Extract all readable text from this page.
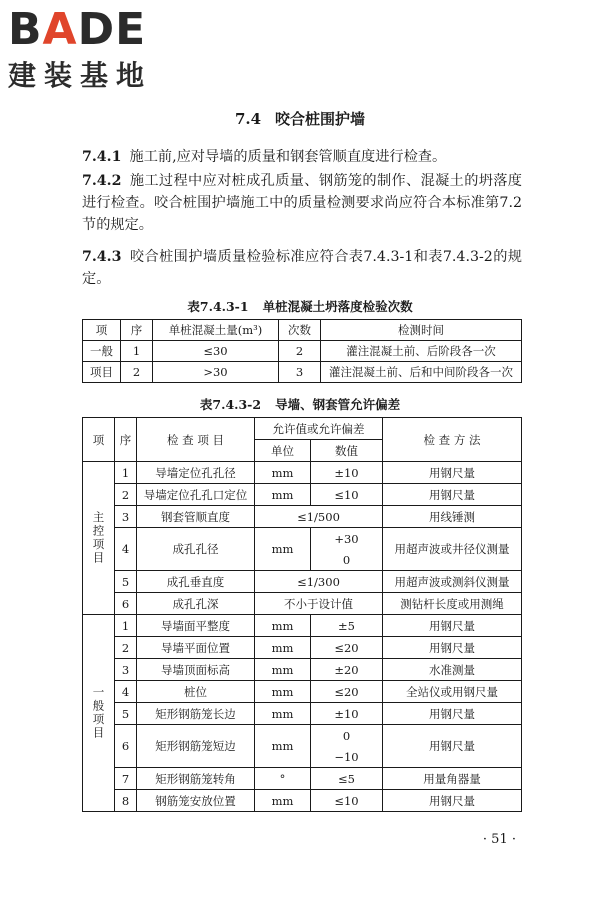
BADE
建装基地
7.4 咬合桩围护墙
7.4.1 施工前,应对导墙的质量和钢套管顺直度进行检查。
7.4.2 施工过程中应对桩成孔质量、钢筋笼的制作、混凝土的坍落度进行检查。咬合桩围护墙施工中的质量检测要求尚应符合本标准第7.2节的规定。
7.4.3 咬合桩围护墙质量检验标准应符合表7.4.3-1和表7.4.3-2的规定。
表7.4.3-1 单桩混凝土坍落度检验次数
项	序	单桩混凝土量(m³)	次数	检测时间
一般	1	≤30	2	灌注混凝土前、后阶段各一次
项目	2	>30	3	灌注混凝土前、后和中间阶段各一次
表7.4.3-2 导墙、钢套管允许偏差
项	序	检 查 项 目	允许值或允许偏差		检 查 方 法
			单位	数值	
主控项目	1	导墙定位孔孔径	mm	±10	用钢尺量
	2	导墙定位孔孔口定位	mm	≤10	用钢尺量
	3	钢套管顺直度	≤1/500		用线锤测
	4	成孔孔径	mm	+30	用超声波或井径仪测量
				0	
	5	成孔垂直度	≤1/300		用超声波或测斜仪测量
	6	成孔孔深	不小于设计值		测钻杆长度或用测绳
一般项目	1	导墙面平整度	mm	±5	用钢尺量
	2	导墙平面位置	mm	≤20	用钢尺量
	3	导墙顶面标高	mm	±20	水准测量
	4	桩位	mm	≤20	全站仪或用钢尺量
	5	矩形钢筋笼长边	mm	±10	用钢尺量
	6	矩形钢筋笼短边	mm	0	用钢尺量
				−10	
	7	矩形钢筋笼转角	°	≤5	用量角器量
	8	钢筋笼安放位置	mm	≤10	用钢尺量
· 51 ·
